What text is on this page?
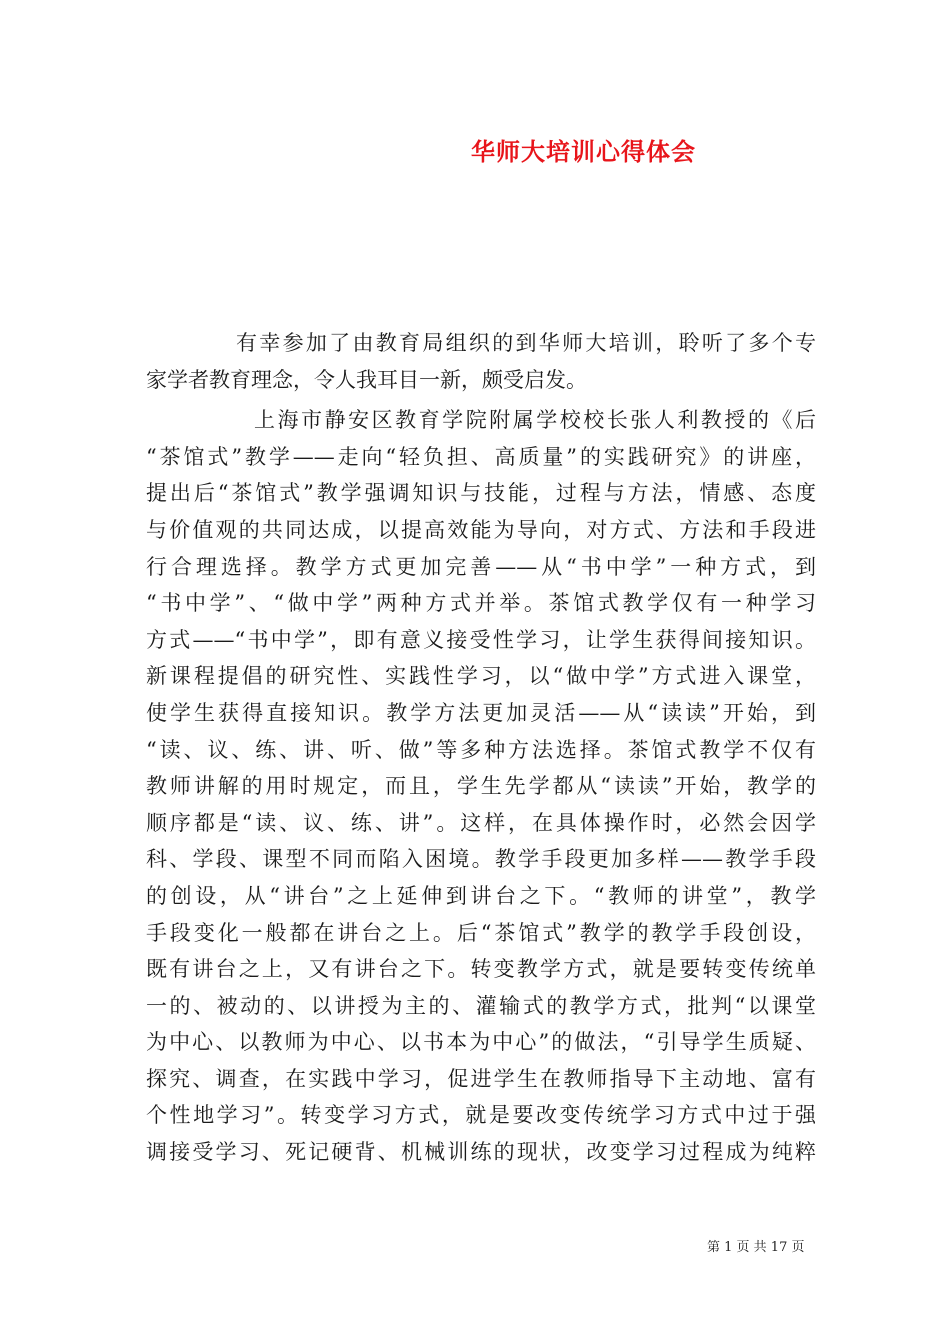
华师大培训心得体会
有幸参加了由教育局组织的到华师大培训，聆听了多个专
家学者教育理念，令人我耳目一新，颇受启发。
上海市静安区教育学院附属学校校长张人利教授的《后
“茶馆式”教学——走向“轻负担、高质量”的实践研究》的讲座，
提出后“茶馆式”教学强调知识与技能，过程与方法，情感、态度
与价值观的共同达成，以提高效能为导向，对方式、方法和手段进
行合理选择。教学方式更加完善——从“书中学”一种方式，到
“书中学”、“做中学”两种方式并举。茶馆式教学仅有一种学习
方式——“书中学”，即有意义接受性学习，让学生获得间接知识。
新课程提倡的研究性、实践性学习，以“做中学”方式进入课堂，
使学生获得直接知识。教学方法更加灵活——从“读读”开始，到
“读、议、练、讲、听、做”等多种方法选择。茶馆式教学不仅有
教师讲解的用时规定，而且，学生先学都从“读读”开始，教学的
顺序都是“读、议、练、讲”。这样，在具体操作时，必然会因学
科、学段、课型不同而陷入困境。教学手段更加多样——教学手段
的创设，从“讲台”之上延伸到讲台之下。“教师的讲堂”，教学
手段变化一般都在讲台之上。后“茶馆式”教学的教学手段创设，
既有讲台之上，又有讲台之下。转变教学方式，就是要转变传统单
一的、被动的、以讲授为主的、灌输式的教学方式，批判“以课堂
为中心、以教师为中心、以书本为中心”的做法，“引导学生质疑、
探究、调查，在实践中学习，促进学生在教师指导下主动地、富有
个性地学习”。转变学习方式，就是要改变传统学习方式中过于强
调接受学习、死记硬背、机械训练的现状，改变学习过程成为纯粹
第 1 页 共 17 页
